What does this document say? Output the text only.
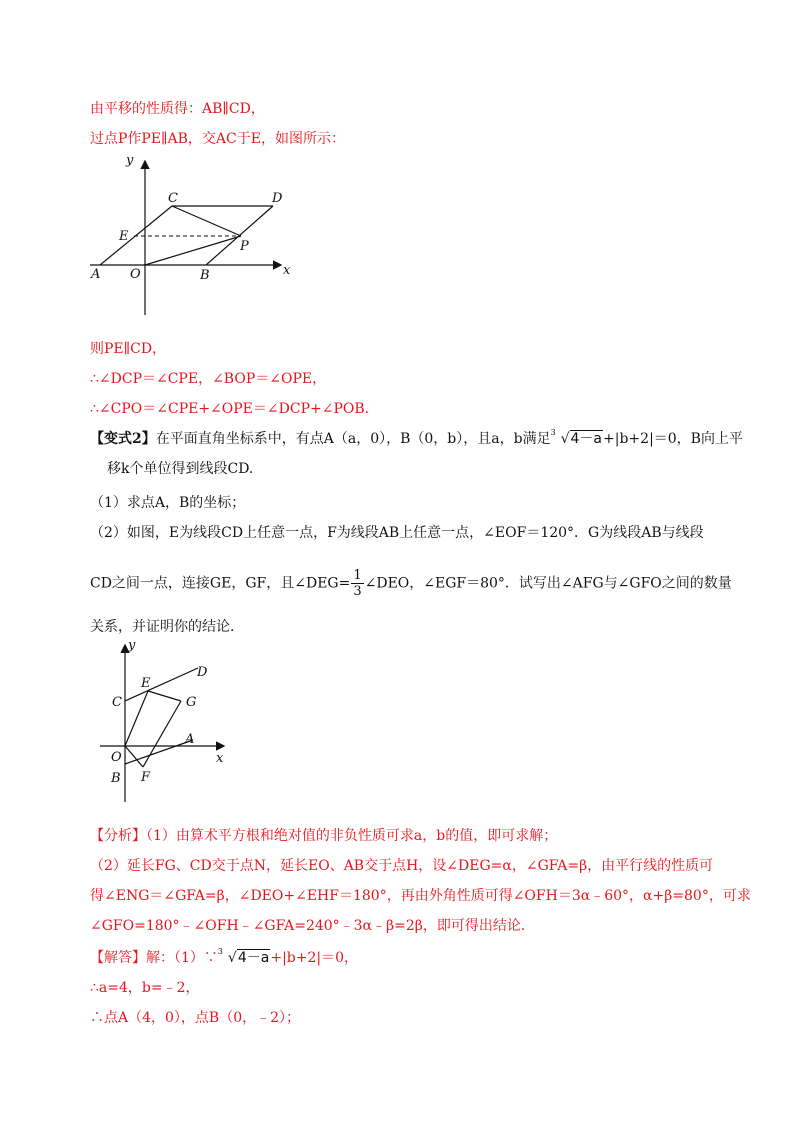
由平移的性质得：AB∥CD，
过点P作PE∥AB，交AC于E，如图所示：
y
x
C	D
E
P
A O	B
则PE∥CD，
∴∠DCP＝∠CPE，∠BOP＝∠OPE，
∴∠CPO＝∠CPE+∠OPE＝∠DCP+∠POB.
【变式2】在平面直角坐标系中，有点A（a，0），B（0，b），且a，b满足 3 √4－a+|b+2|＝0，B向上平
移k个单位得到线段CD.
（1）求点A，B的坐标；
（2）如图，E为线段CD上任意一点，F为线段AB上任意一点，∠EOF＝120°．G为线段AB与线段
CD之间一点，连接GE，GF，且∠DEG= $\frac{1}{3}$ ∠DEO，∠EGF＝80°．试写出∠AFG与∠GFO之间的数量
关系，并证明你的结论．
y
x
D
E
G
C
A
O
B F
【分析】（1）由算术平方根和绝对值的非负性质可求a，b的值，即可求解；
（2）延长FG、CD交于点N，延长EO、AB交于点H，设∠DEG=α，∠GFA=β，由平行线的性质可
得∠ENG＝∠GFA=β，∠DEO+∠EHF＝180°，再由外角性质可得∠OFH＝3α﹣60°，α+β=80°，可求
∠GFO=180°﹣∠OFH﹣∠GFA=240°﹣3α﹣β=2β，即可得出结论．
【解答】解：（1）∵ 3 √4－a+|b+2|＝0，
∴a=4，b=﹣2，
∴点A（4，0），点B（0，﹣2）；
